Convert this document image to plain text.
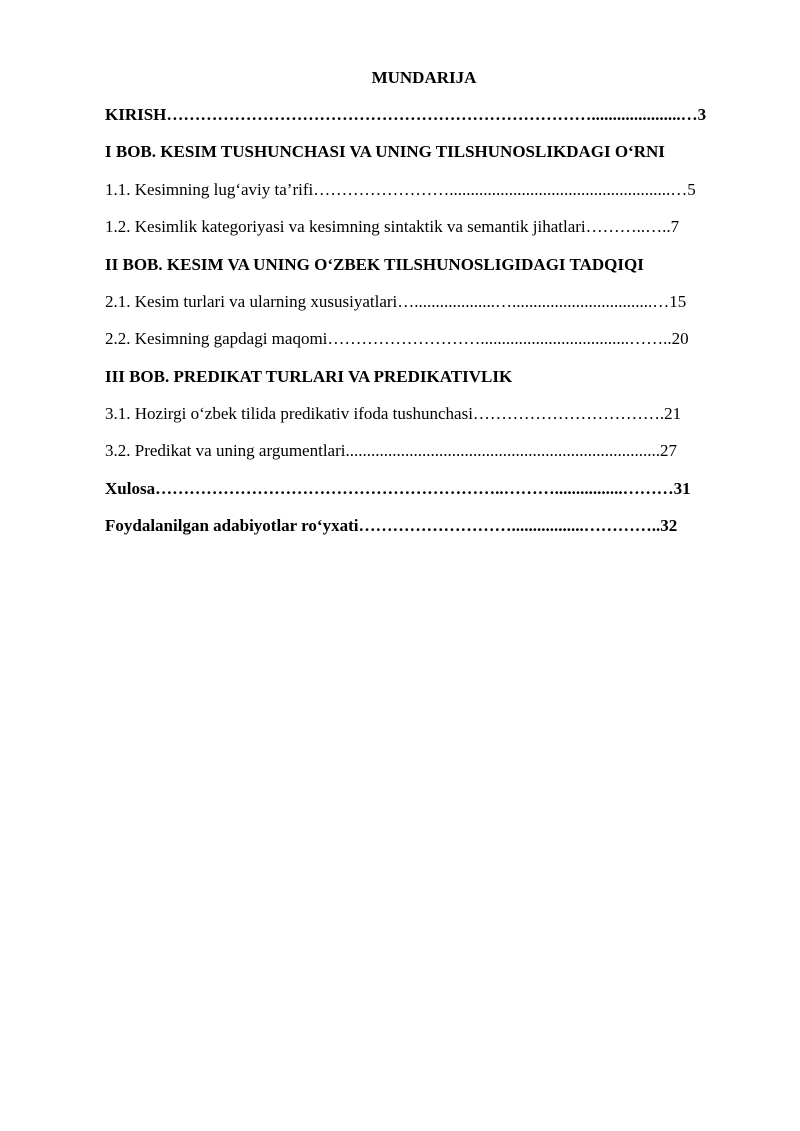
MUNDARIJA
KIRISH………………………………………………………………….....................…3
I BOB. KESIM TUSHUNCHASI VA UNING TILSHUNOSLIKDAGI O‘RNI
1.1. Kesimning lug‘aviy ta’rifi……………………....................................................…5
1.2. Kesimlik kategoriyasi va kesimning sintaktik va semantik jihatlari………..…..7
II BOB. KESIM VA UNING O‘ZBEK TILSHUNOSLIGIDAGI TADQIQI
2.1. Kesim turlari va ularning xususiyatlari…...................….................................…15
2.2. Kesimning gapdagi maqomi………………………...................................……..20
III BOB. PREDIKAT TURLARI VA PREDIKATIVLIK
3.1. Hozirgi o‘zbek tilida predikativ ifoda tushunchasi…………………………….21
3.2. Predikat va uning argumentlari..........................................................................27
Xulosa……………………………………………………..………................………31
Foydalanilgan adabiyotlar ro‘yxati……………………….................…………..32
